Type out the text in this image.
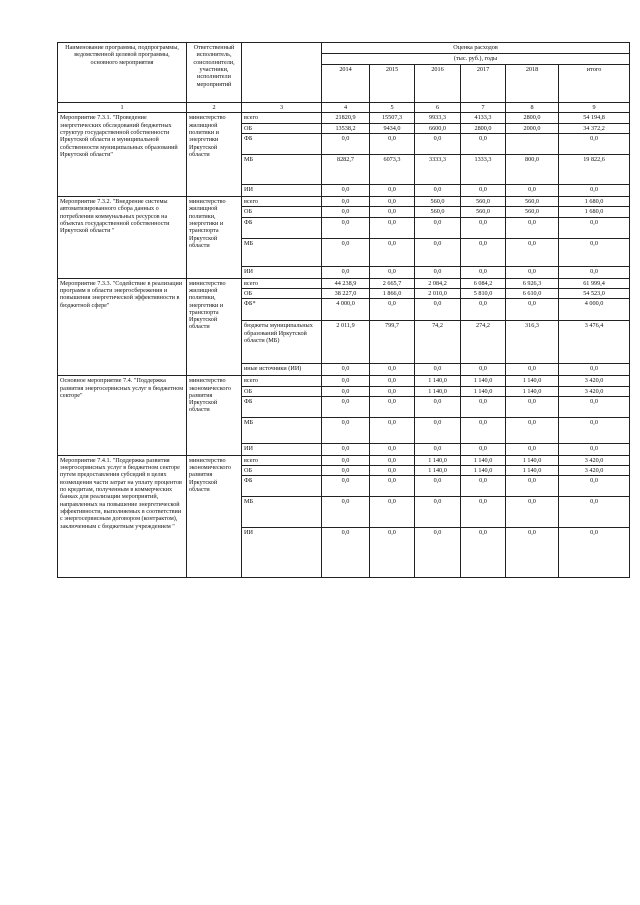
Наименование программы, подпрограммы, ведомственной целевой программы, основного мероприятия	Ответственный исполнитель, соисполнители, участники, исполнители мероприятий		Оценка расходов					
			(тыс. руб.), годы					
			2014	2015	2016	2017	2018	итого
1	2	3	4	5	6	7	8	9
Мероприятие 7.3.1. "Проведение энергетических обследований бюджетных структур государственной собственности Иркутской области и муниципальной собственности муниципальных образований Иркутской области"	министерство жилищной политики и энергетики Иркутской области	всего	21820,9	15507,3	9933,3	4133,3	2800,0	54 194,8
		ОБ	13538,2	9434,0	6600,0	2800,0	2000,0	34 372,2
		ФБ	0,0	0,0	0,0	0,0		0,0
		МБ	8282,7	6073,3	3333,3	1333,3	800,0	19 822,6
		ИИ	0,0	0,0	0,0	0,0	0,0	0,0
Мероприятие 7.3.2. "Внедрение системы автоматизированного сбора данных о потреблении коммунальных ресурсов на объектах государственной собственности Иркутской области "	министерство жилищной политики, энергетики и транспорта Иркутской области	всего	0,0	0,0	560,0	560,0	560,0	1 680,0
		ОБ	0,0	0,0	560,0	560,0	560,0	1 680,0
		ФБ	0,0	0,0	0,0	0,0	0,0	0,0
		МБ	0,0	0,0	0,0	0,0	0,0	0,0
		ИИ	0,0	0,0	0,0	0,0	0,0	0,0
Мероприятие 7.3.3. "Содействие в реализации программ в области энергосбережения и повышения энергетической эффективности в бюджетной сфере"	министерство жилищной политики, энергетики и транспорта Иркутской области	всего	44 238,9	2 665,7	2 084,2	6 084,2	6 926,3	61 999,4
		ОБ	38 227,0	1 866,0	2 010,0	5 810,0	6 610,0	54 523,0
		ФБ*	4 000,0	0,0	0,0	0,0	0,0	4 000,0
		бюджеты муниципальных образований Иркутской области (МБ)	2 011,9	799,7	74,2	274,2	316,3	3 476,4
		иные источники (ИИ)	0,0	0,0	0,0	0,0	0,0	0,0
Основное мероприятие 7.4. "Поддержка развития энергосервисных услуг в бюджетном секторе"	министерство экономического развития Иркутской области	всего	0,0	0,0	1 140,0	1 140,0	1 140,0	3 420,0
		ОБ	0,0	0,0	1 140,0	1 140,0	1 140,0	3 420,0
		ФБ	0,0	0,0	0,0	0,0	0,0	0,0
		МБ	0,0	0,0	0,0	0,0	0,0	0,0
		ИИ	0,0	0,0	0,0	0,0	0,0	0,0
Мероприятие 7.4.1. "Поддержка развития энергосервисных услуг в бюджетном секторе путем предоставления субсидий в целях возмещения части затрат на уплату процентов по кредитам, полученным в коммерческих банках для реализации мероприятий, направленных на повышение энергетической эффективности, выполняемых в соответствии с энергосервисным договором (контрактом), заключенным с бюджетным учреждением "	министерство экономического развития Иркутской области	всего	0,0	0,0	1 140,0	1 140,0	1 140,0	3 420,0
		ОБ	0,0	0,0	1 140,0	1 140,0	1 140,0	3 420,0
		ФБ	0,0	0,0	0,0	0,0	0,0	0,0
		МБ	0,0	0,0	0,0	0,0	0,0	0,0
		ИИ	0,0	0,0	0,0	0,0	0,0	0,0
